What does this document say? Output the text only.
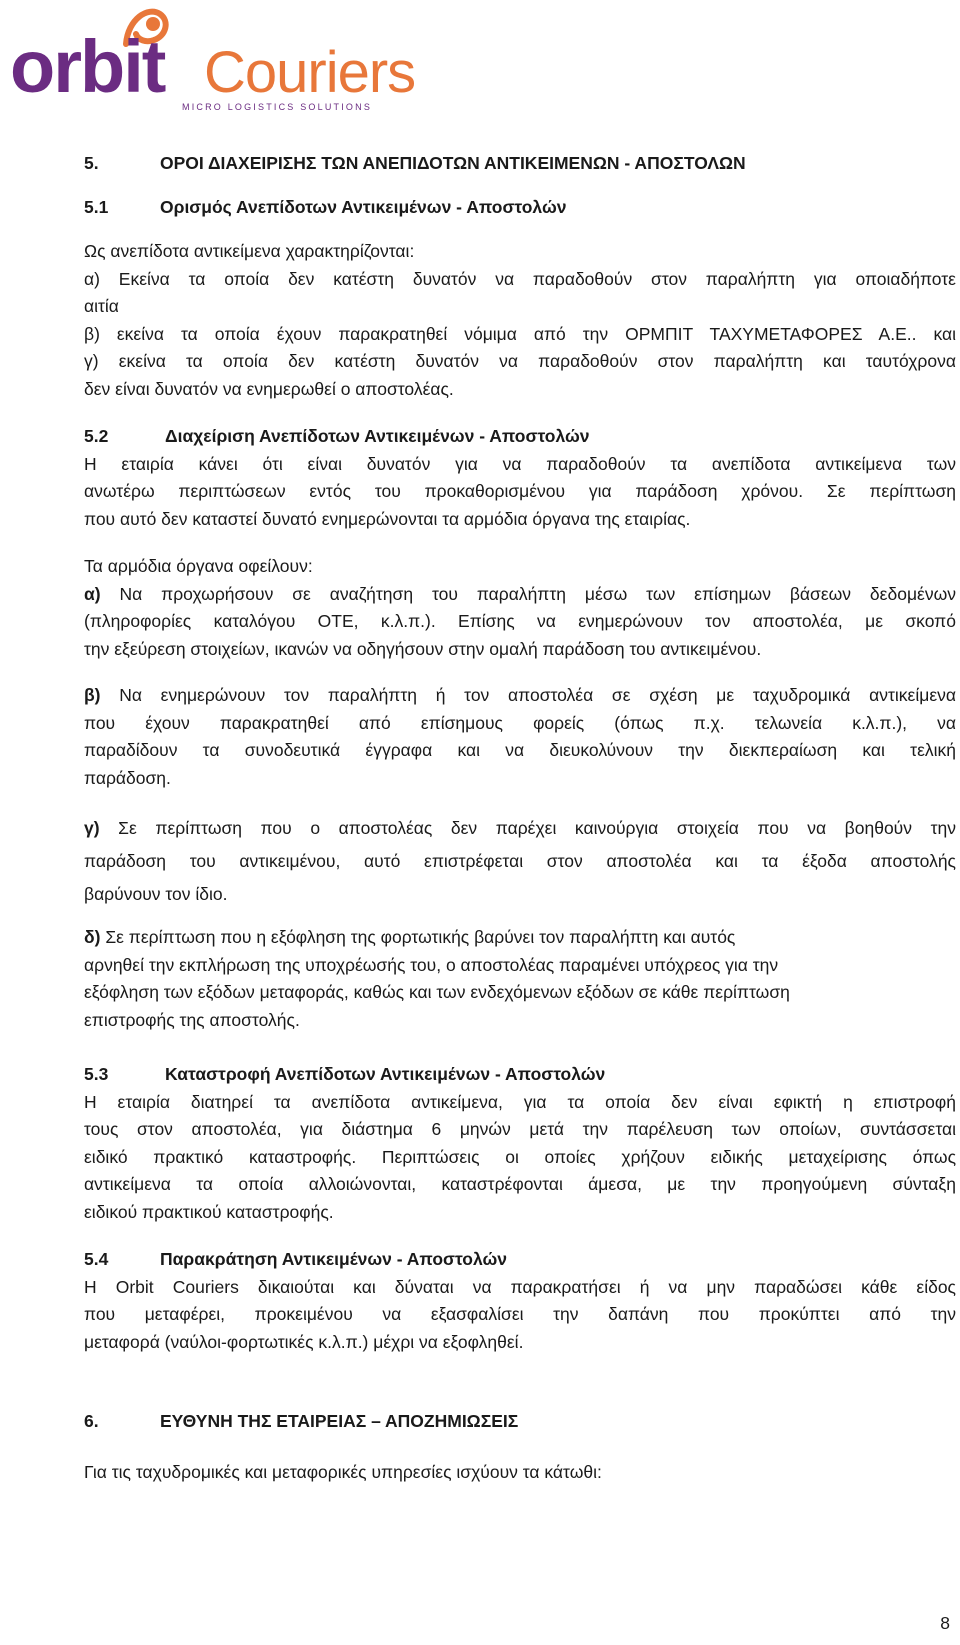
orbit Couriers
MICRO LOGISTICS SOLUTIONS

5.	ΟΡΟΙ ΔΙΑΧΕΙΡΙΣΗΣ ΤΩΝ ΑΝΕΠΙΔΟΤΩΝ ΑΝΤΙΚΕΙΜΕΝΩΝ - ΑΠΟΣΤΟΛΩΝ

5.1	Ορισμός Ανεπίδοτων Αντικειμένων - Αποστολών

Ως ανεπίδοτα αντικείμενα χαρακτηρίζονται:

α) Εκείνα τα οποία δεν κατέστη δυνατόν να παραδοθούν στον παραλήπτη για οποιαδήποτε

αιτία

β) εκείνα τα οποία έχουν παρακρατηθεί νόμιμα από την ΟΡΜΠΙΤ ΤΑΧΥΜΕΤΑΦΟΡΕΣ Α.Ε.. και

γ) εκείνα τα οποία δεν κατέστη δυνατόν να παραδοθούν στον παραλήπτη και ταυτόχρονα

δεν είναι δυνατόν να ενημερωθεί ο αποστολέας.

5.2	Διαχείριση Ανεπίδοτων Αντικειμένων - Αποστολών

Η εταιρία κάνει ότι είναι δυνατόν για να παραδοθούν τα ανεπίδοτα αντικείμενα των

ανωτέρω περιπτώσεων εντός του προκαθορισμένου για παράδοση χρόνου. Σε περίπτωση

που αυτό δεν καταστεί δυνατό ενημερώνονται τα αρμόδια όργανα της εταιρίας.

Τα αρμόδια όργανα οφείλουν:

α) Να προχωρήσουν σε αναζήτηση του παραλήπτη μέσω των επίσημων βάσεων δεδομένων

(πληροφορίες καταλόγου ΟΤΕ, κ.λ.π.). Επίσης να ενημερώνουν τον αποστολέα, με σκοπό

την εξεύρεση στοιχείων, ικανών να οδηγήσουν στην ομαλή παράδοση του αντικειμένου.

β) Να ενημερώνουν τον παραλήπτη ή τον αποστολέα σε σχέση με ταχυδρομικά αντικείμενα

που έχουν παρακρατηθεί από επίσημους φορείς (όπως π.χ. τελωνεία κ.λ.π.), να

παραδίδουν τα συνοδευτικά έγγραφα και να διευκολύνουν την διεκπεραίωση και τελική

παράδοση.

γ) Σε περίπτωση που ο αποστολέας δεν παρέχει καινούργια στοιχεία που να βοηθούν την

παράδοση του αντικειμένου, αυτό επιστρέφεται στον αποστολέα και τα έξοδα αποστολής

βαρύνουν τον ίδιο.

δ) Σε περίπτωση που η εξόφληση της φορτωτικής βαρύνει τον παραλήπτη και αυτός

αρνηθεί την εκπλήρωση της υποχρέωσής του, ο αποστολέας παραμένει υπόχρεος για την

εξόφληση των εξόδων μεταφοράς, καθώς και των ενδεχόμενων εξόδων σε κάθε περίπτωση

επιστροφής της αποστολής.

5.3	Καταστροφή Ανεπίδοτων Αντικειμένων - Αποστολών

Η εταιρία διατηρεί τα ανεπίδοτα αντικείμενα, για τα οποία δεν είναι εφικτή η επιστροφή

τους στον αποστολέα, για διάστημα 6 μηνών μετά την παρέλευση των οποίων, συντάσσεται

ειδικό πρακτικό καταστροφής. Περιπτώσεις οι οποίες χρήζουν ειδικής μεταχείρισης όπως

αντικείμενα τα οποία αλλοιώνονται, καταστρέφονται άμεσα, με την προηγούμενη σύνταξη

ειδικού πρακτικού καταστροφής.

5.4	Παρακράτηση Αντικειμένων - Αποστολών

Η Orbit Couriers δικαιούται και δύναται να παρακρατήσει ή να μην παραδώσει κάθε είδος

που μεταφέρει, προκειμένου να εξασφαλίσει την δαπάνη που προκύπτει από την

μεταφορά (ναύλοι-φορτωτικές κ.λ.π.) μέχρι να εξοφληθεί.

6.	ΕΥΘΥΝΗ ΤΗΣ ΕΤΑΙΡΕΙΑΣ – ΑΠΟΖΗΜΙΩΣΕΙΣ

Για τις ταχυδρομικές και μεταφορικές υπηρεσίες ισχύουν τα κάτωθι:

8
